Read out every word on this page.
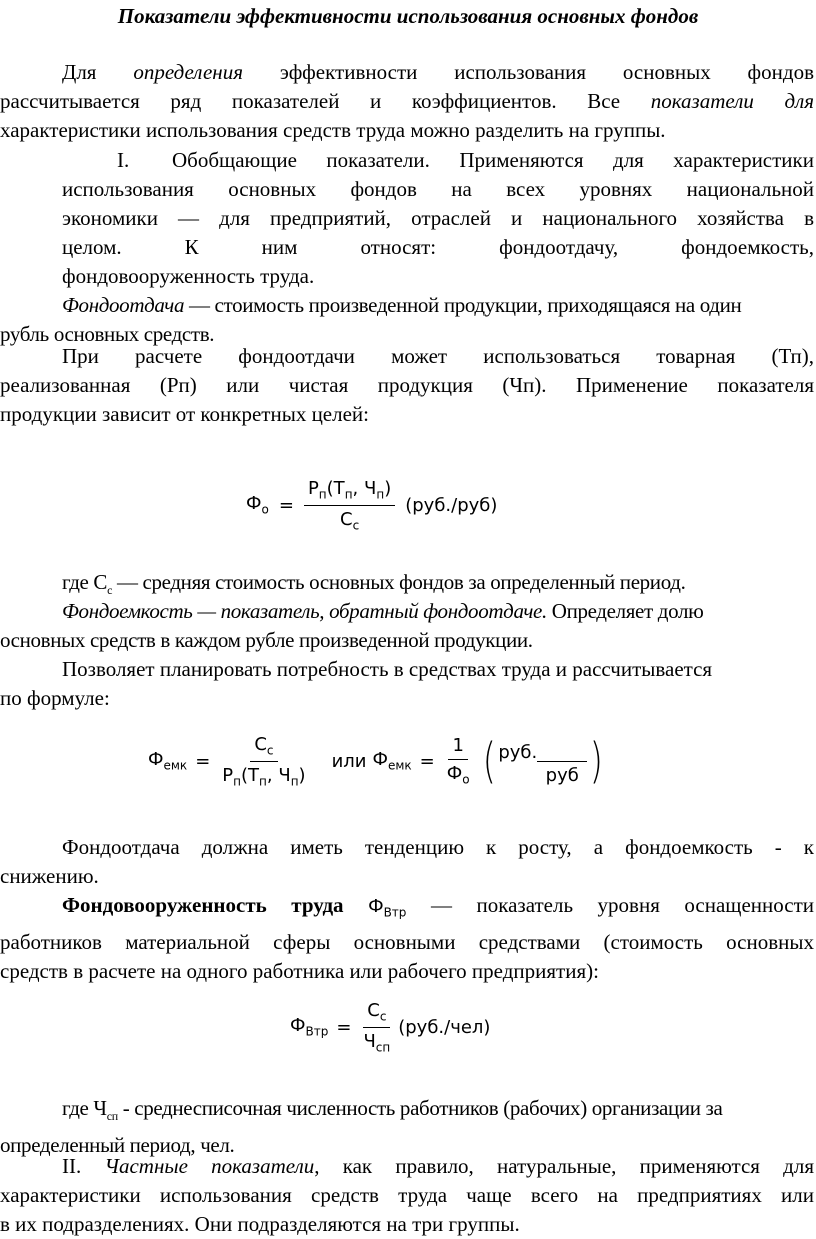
Показатели эффективности использования основных фондов
Для определения эффективности использования основных фондов
рассчитывается ряд показателей и коэффициентов. Все показатели для
характеристики использования средств труда можно разделить на группы.
I. Обобщающие показатели. Применяются для характеристики
использования основных фондов на всех уровнях национальной
экономики — для предприятий, отраслей и национального хозяйства в
целом. К ним относят: фондоотдачу, фондоемкость,
фондовооруженность труда.
Фондоотдача — стоимость произведенной продукции, приходящаяся на один
рубль основных средств.
При расчете фондоотдачи может использоваться товарная (Тп),
реализованная (Рп) или чистая продукция (Чп). Применение показателя
продукции зависит от конкретных целей:
$Ф_о = \frac{Р_п(Т_п, Ч_п)}{С_с} (руб./руб)$
где $С_с$ — средняя стоимость основных фондов за определенный период.
Фондоемкость — показатель, обратный фондоотдаче. Определяет долю
основных средств в каждом рубле произведенной продукции.
Позволяет планировать потребность в средствах труда и рассчитывается
по формуле:
$Ф_{емк} = \frac{С_с}{Р_п(Т_п, Ч_п)}$	или $Ф_{емк} = \frac{1}{Ф_о}$ ( руб.

руб )
Фондоотдача должна иметь тенденцию к росту, а фондоемкость - к
снижению.
Фондовооруженность труда $Ф_{Втр}$ — показатель уровня оснащенности
работников материальной сферы основными средствами (стоимость основных
средств в расчете на одного работника или рабочего предприятия):
$Ф_{Втр} = \frac{С_с}{Ч_{сп}} (руб./чел)$
где $Ч_{сп}$ - среднесписочная численность работников (рабочих) организации за
определенный период, чел.
II. Частные показатели, как правило, натуральные, применяются для
характеристики использования средств труда чаще всего на предприятиях или
в их подразделениях. Они подразделяются на три группы.
